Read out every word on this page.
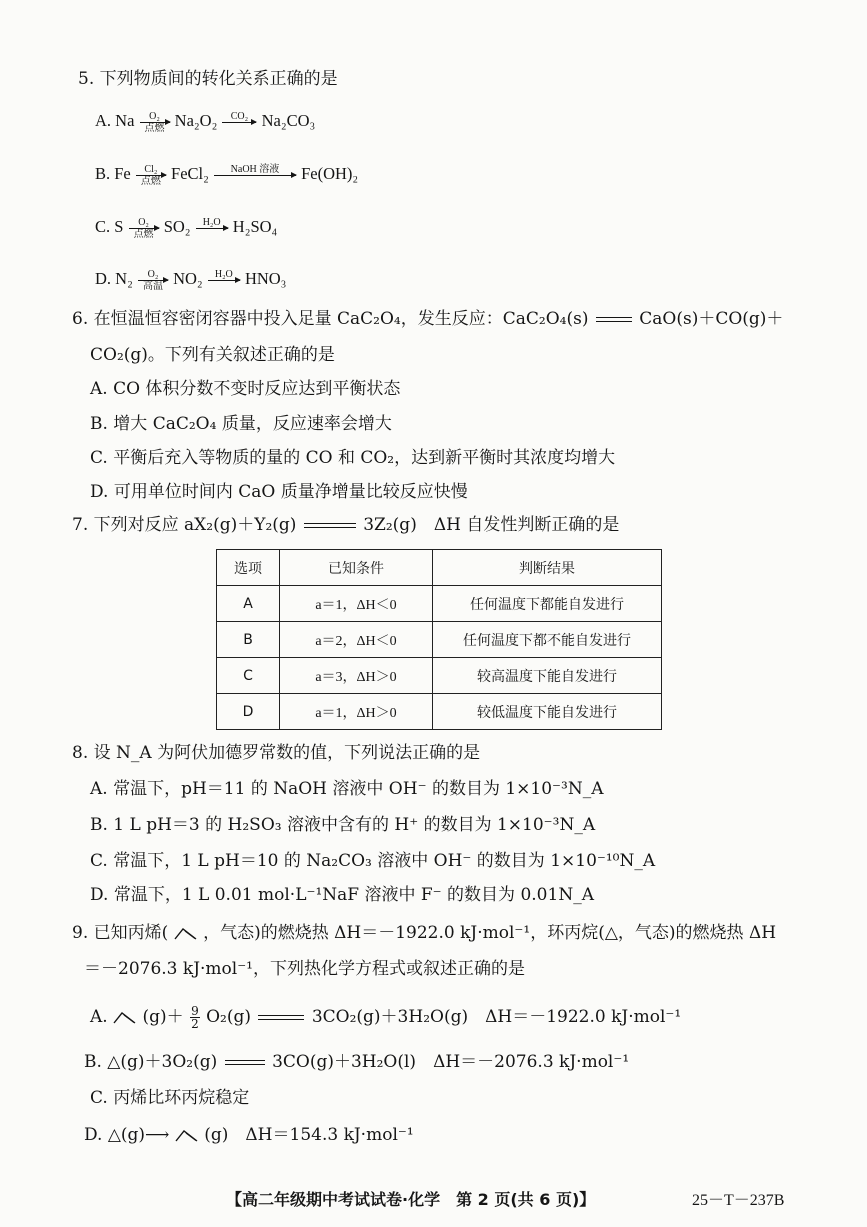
5. 下列物质间的转化关系正确的是
A. Na	O₂
点燃 Na₂O₂	CO₂
Na₂CO₃
B. Fe	Cl₂
点燃 FeCl₂	NaOH 溶液
	Fe(OH)₂
C. S	O₂
点燃 SO₂	H₂O
H₂SO₄
D. N₂	O₂
高温 NO₂	H₂O
HNO₃
6. 在恒温恒容密闭容器中投入足量 CaC₂O₄，发生反应：CaC₂O₄(s)	CaO(s)＋CO(g)＋
CO₂(g)。下列有关叙述正确的是
A. CO 体积分数不变时反应达到平衡状态
B. 增大 CaC₂O₄ 质量，反应速率会增大
C. 平衡后充入等物质的量的 CO 和 CO₂，达到新平衡时其浓度均增大
D. 可用单位时间内 CaO 质量净增量比较反应快慢
7. 下列对反应 aX₂(g)＋Y₂(g)	3Z₂(g)　ΔH 自发性判断正确的是
选项	已知条件	判断结果
A	a＝1，ΔH＜0	任何温度下都能自发进行
B	a＝2，ΔH＜0	任何温度下都不能自发进行
C	a＝3，ΔH＞0	较高温度下能自发进行
D	a＝1，ΔH＞0	较低温度下能自发进行
8. 设 N_A 为阿伏加德罗常数的值，下列说法正确的是
A. 常温下，pH＝11 的 NaOH 溶液中 OH⁻ 的数目为 1×10⁻³N_A
B. 1 L pH＝3 的 H₂SO₃ 溶液中含有的 H⁺ 的数目为 1×10⁻³N_A
C. 常温下，1 L pH＝10 的 Na₂CO₃ 溶液中 OH⁻ 的数目为 1×10⁻¹⁰N_A
D. 常温下，1 L 0.01 mol·L⁻¹NaF 溶液中 F⁻ 的数目为 0.01N_A
9. 已知丙烯( ，气态)的燃烧热 ΔH＝－1922.0 kJ·mol⁻¹，环丙烷(△，气态)的燃烧热 ΔH
＝－2076.3 kJ·mol⁻¹，下列热化学方程式或叙述正确的是
A. $(g)+ \frac{9}{2} O_2(g)$	3CO₂(g)＋3H₂O(g)　ΔH＝－1922.0 kJ·mol⁻¹
B. △(g)＋3O₂(g)	3CO(g)＋3H₂O(l)　ΔH＝－2076.3 kJ·mol⁻¹
C. 丙烯比环丙烷稳定
D. △(g)⟶ (g)　ΔH＝154.3 kJ·mol⁻¹
【高二年级期中考试试卷·化学　第 2 页(共 6 页)】	25－T－237B
